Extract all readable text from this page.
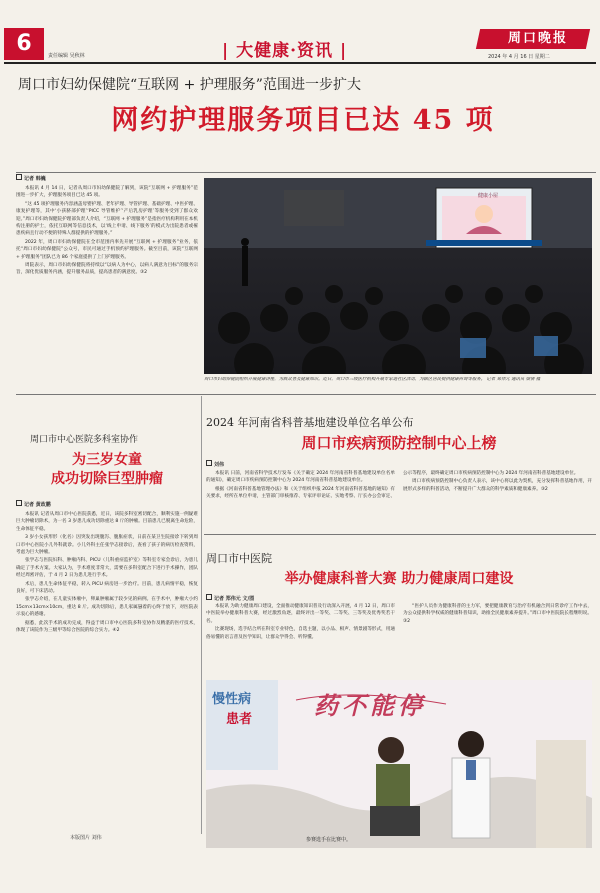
6	责任编辑 吴秋林	| 大健康·资讯 |
周口晚报
2024 年 4 月 16 日 星期二
周口市妇幼保健院“互联网 + 护理服务”范围进一步扩大
网约护理服务项目已达 45 项
记者 韩巍

本报讯 4 月 14 日，记者从周口市妇幼保健院了解到，该院“互联网 + 护理服务”范围进一步扩大，护理服务项目已达 45 项。

“这 45 项护理服务内容涵盖母婴护理、老年护理、导管护理、基础护理、中医护理、康复护理等，其中‘小孩脐部护理’‘PICC 导管维护’‘产后乳房护理’等服务受到了群众欢迎。”周口市妇幼保健院护理部负责人介绍，“互联网 + 护理服务”是指医疗机构利用在本机构注册的护士，依托互联网等信息技术，以‘线上申请、线下服务’的模式为出院患者或罹患疾病且行动不便的特殊人群提供的护理服务。”

2022 年，周口市妇幼保健院在全市范围内率先开展“互联网 + 护理服务”业务，依托“周口市妇幼保健院”公众号，市民可通过手机预约护理服务。截至目前，该院“互联网 + 护理服务”团队已为 86 个家庭提供了上门护理服务。

周院表示，周口市妇幼保健院将持续以“以病人为中心，以病人满意为目标”的服务宗旨，深化优质服务内涵，提升服务品质，提高患者的满意度。③2

健康小屋
周口市妇幼保健院组织开展健康讲座，为群众普及健康知识。近日，周口市三级医疗机构开展专家进社区活动，为辖区居民提供健康咨询等服务。 记者 郑伟元 通讯员 梁倩 摄
周口市中心医院多科室协作
为三岁女童
成功切除巨型肿瘤
记者 黄政鹏

本报讯 记者从周口市中心医院获悉，近日，该院多科室密切配合，顺利实施一例疑难巨大肿瘤切除术，为一名 3 岁患儿成功切除重达 8 斤的肿瘤。目前患儿已脱离生命危险，生命体征平稳。

3 岁小女孩形形（化名）因突发出现腹泻、腹胀症状，日前在某卫生院接诊下转到周口市中心医院小儿外科就诊。小儿外科主任张学志接诊后，查看了孩子的病历检查资料，考虑为巨大肿瘤。

张学志与医院妇科、肿瘤内科、PICU（儿科重症监护室）等科室专家会诊后，为患儿确定了手术方案。大家认为，手术难度非常大，需要在多科室配合下进行手术操作，团队经过周密评估，于 4 月 2 日为患儿进行手术。

术后，患儿生命体征平稳，转入 PICU 病房进一步治疗。目前，患儿病情平稳，恢复良好，可下床活动。

张学志介绍，在儿童实体瘤中，卵巢肿瘤属于较少见的病例。在手术中，肿瘤大小约 15cm×13cm×10cm，重达 8 斤。成功切除后，患儿家属悬着的心终于放下，对医院表示衷心的感谢。

据悉，此次手术的成功完成，得益于周口市中心医院多科室协作及精湛的医疗技术，体现了该院作为三级甲等综合医院的综合实力。④2

本版图片 刘伟
2024 年河南省科普基地建设单位名单公布
周口市疾病预防控制中心上榜
刘伟

本报讯 日前，河南省科学技术厅发布《关于确定 2024 年河南省科普基地建设单位名单的通知》，确定周口市疾病预防控制中心为 2024 年河南省科普基地建设单位。

根据《河南省科普基地管理办法》和《关于组织申报 2024 年河南省科普基地的通知》有关要求，经所在单位申请，主管部门审核推荐、专家评审论证、实地考察、厅长办公会审定、公示等程序，最终确定周口市疾病预防控制中心为 2024 年河南省科普基地建设单位。

周口市疾病预防控制中心负责人表示，该中心将以此为契机，充分发挥科普基地作用，开展形式多样的科普活动，不断提升广大群众的科学素质和健康素养。③2

周口市中医院
举办健康科普大赛 助力健康周口建设
记者 郑伟元 文/图

本报讯 为助力健康周口建设，全面推动健康知识普及行动深入开展，4 月 12 日，周口市中医院举办健康科普大赛，经过激烈角逐，最终评出一等奖、二等奖、三等奖及优秀奖若干名。

比赛现场，选手结合所在科室专业特色，自选主题，以小品、相声、情景剧等形式，用通俗易懂的语言普及医学知识，让群众学得会、听得懂。

“医护人员作为健康科普的主力军，要把健康教育与治疗有机融合到日常诊疗工作中去，为公众提供科学权威的健康科普知识，助推全民健康素养提升。”周口市中医院院长程继明说。③2

慢性病
患者	药不能停
参赛选手在比赛中。
